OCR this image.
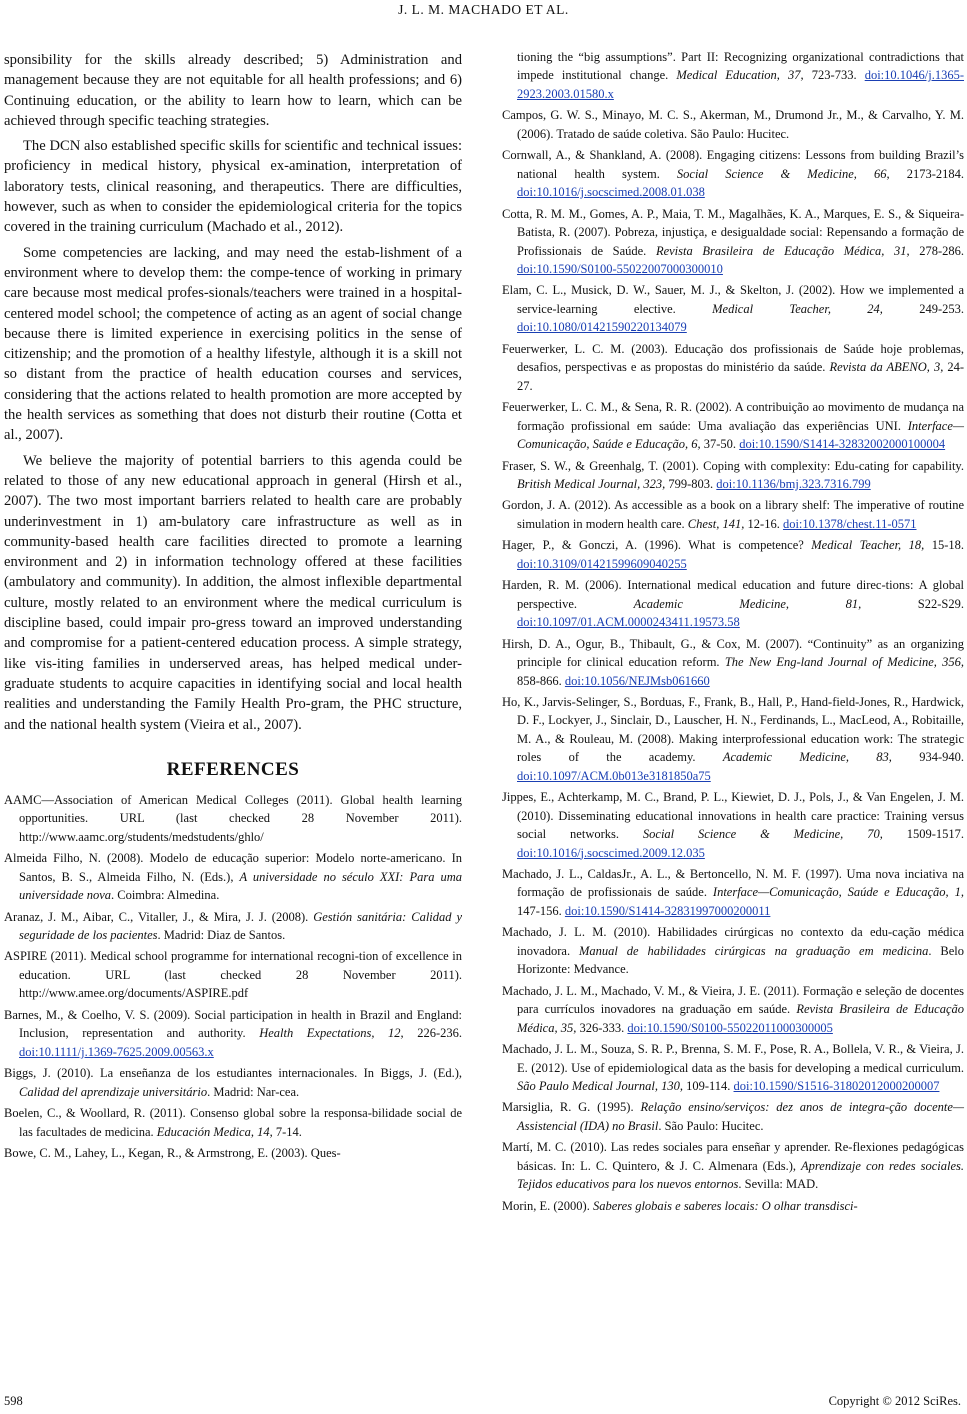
J. L. M. MACHADO ET AL.

sponsibility for the skills already described; 5) Administration and management because they are not equitable for all health professions; and 6) Continuing education, or the ability to learn how to learn, which can be achieved through specific teaching strategies.

The DCN also established specific skills for scientific and technical issues: proficiency in medical history, physical ex-amination, interpretation of laboratory tests, clinical reasoning, and therapeutics. There are difficulties, however, such as when to consider the epidemiological criteria for the topics covered in the training curriculum (Machado et al., 2012).

Some competencies are lacking, and may need the estab-lishment of a environment where to develop them: the compe-tence of working in primary care because most medical profes-sionals/teachers were trained in a hospital-centered model school; the competence of acting as an agent of social change because there is limited experience in exercising politics in the sense of citizenship; and the promotion of a healthy lifestyle, although it is a skill not so distant from the practice of health education courses and services, considering that the actions related to health promotion are more accepted by the health services as something that does not disturb their routine (Cotta et al., 2007).

We believe the majority of potential barriers to this agenda could be related to those of any new educational approach in general (Hirsh et al., 2007). The two most important barriers related to health care are probably underinvestment in 1) am-bulatory care infrastructure as well as in community-based health care facilities directed to promote a learning environment and 2) in information technology offered at these facilities (ambulatory and community). In addition, the almost inflexible departmental culture, mostly related to an environment where the medical curriculum is discipline based, could impair pro-gress toward an improved understanding and compromise for a patient-centered education process. A simple strategy, like vis-iting families in underserved areas, has helped medical under-graduate students to acquire capacities in identifying social and local health realities and understanding the Family Health Pro-gram, the PHC structure, and the national health system (Vieira et al., 2007).

REFERENCES
AAMC—Association of American Medical Colleges (2011). Global health learning opportunities. URL (last checked 28 November 2011). http://www.aamc.org/students/medstudents/ghlo/
Almeida Filho, N. (2008). Modelo de educação superior: Modelo norte-americano. In Santos, B. S., Almeida Filho, N. (Eds.), A universidade no século XXI: Para uma universidade nova. Coimbra: Almedina.
Aranaz, J. M., Aibar, C., Vitaller, J., & Mira, J. J. (2008). Gestión sanitária: Calidad y seguridade de los pacientes. Madrid: Diaz de Santos.
ASPIRE (2011). Medical school programme for international recogni-tion of excellence in education. URL (last checked 28 November 2011). http://www.amee.org/documents/ASPIRE.pdf
Barnes, M., & Coelho, V. S. (2009). Social participation in health in Brazil and England: Inclusion, representation and authority. Health Expectations, 12, 226-236. doi:10.1111/j.1369-7625.2009.00563.x
Biggs, J. (2010). La enseñanza de los estudiantes internacionales. In Biggs, J. (Ed.), Calidad del aprendizaje universitário. Madrid: Nar-cea.
Boelen, C., & Woollard, R. (2011). Consenso global sobre la responsa-bilidade social de las facultades de medicina. Educación Medica, 14, 7-14.
Bowe, C. M., Lahey, L., Kegan, R., & Armstrong, E. (2003). Ques-
tioning the “big assumptions”. Part II: Recognizing organizational contradictions that impede institutional change. Medical Education, 37, 723-733. doi:10.1046/j.1365-2923.2003.01580.x
Campos, G. W. S., Minayo, M. C. S., Akerman, M., Drumond Jr., M., & Carvalho, Y. M. (2006). Tratado de saúde coletiva. São Paulo: Hucitec.
Cornwall, A., & Shankland, A. (2008). Engaging citizens: Lessons from building Brazil’s national health system. Social Science & Medicine, 66, 2173-2184. doi:10.1016/j.socscimed.2008.01.038
Cotta, R. M. M., Gomes, A. P., Maia, T. M., Magalhães, K. A., Marques, E. S., & Siqueira-Batista, R. (2007). Pobreza, injustiça, e desigualdade social: Repensando a formação de Profissionais de Saúde. Revista Brasileira de Educação Médica, 31, 278-286. doi:10.1590/S0100-55022007000300010
Elam, C. L., Musick, D. W., Sauer, M. J., & Skelton, J. (2002). How we implemented a service-learning elective. Medical Teacher, 24, 249-253. doi:10.1080/01421590220134079
Feuerwerker, L. C. M. (2003). Educação dos profissionais de Saúde hoje problemas, desafios, perspectivas e as propostas do ministério da saúde. Revista da ABENO, 3, 24-27.
Feuerwerker, L. C. M., & Sena, R. R. (2002). A contribuição ao movimento de mudança na formação profissional em saúde: Uma avaliação das experiências UNI. Interface—Comunicação, Saúde e Educação, 6, 37-50. doi:10.1590/S1414-32832002000100004
Fraser, S. W., & Greenhalg, T. (2001). Coping with complexity: Edu-cating for capability. British Medical Journal, 323, 799-803. doi:10.1136/bmj.323.7316.799
Gordon, J. A. (2012). As accessible as a book on a library shelf: The imperative of routine simulation in modern health care. Chest, 141, 12-16. doi:10.1378/chest.11-0571
Hager, P., & Gonczi, A. (1996). What is competence? Medical Teacher, 18, 15-18. doi:10.3109/01421599609040255
Harden, R. M. (2006). International medical education and future direc-tions: A global perspective. Academic Medicine, 81, S22-S29. doi:10.1097/01.ACM.0000243411.19573.58
Hirsh, D. A., Ogur, B., Thibault, G., & Cox, M. (2007). “Continuity” as an organizing principle for clinical education reform. The New Eng-land Journal of Medicine, 356, 858-866. doi:10.1056/NEJMsb061660
Ho, K., Jarvis-Selinger, S., Borduas, F., Frank, B., Hall, P., Hand-field-Jones, R., Hardwick, D. F., Lockyer, J., Sinclair, D., Lauscher, H. N., Ferdinands, L., MacLeod, A., Robitaille, M. A., & Rouleau, M. (2008). Making interprofessional education work: The strategic roles of the academy. Academic Medicine, 83, 934-940. doi:10.1097/ACM.0b013e3181850a75
Jippes, E., Achterkamp, M. C., Brand, P. L., Kiewiet, D. J., Pols, J., & Van Engelen, J. M. (2010). Disseminating educational innovations in health care practice: Training versus social networks. Social Science & Medicine, 70, 1509-1517. doi:10.1016/j.socscimed.2009.12.035
Machado, J. L., CaldasJr., A. L., & Bertoncello, N. M. F. (1997). Uma nova inciativa na formação de profissionais de saúde. Interface—Comunicação, Saúde e Educação, 1, 147-156. doi:10.1590/S1414-32831997000200011
Machado, J. L. M. (2010). Habilidades cirúrgicas no contexto da edu-cação médica inovadora. Manual de habilidades cirúrgicas na graduação em medicina. Belo Horizonte: Medvance.
Machado, J. L. M., Machado, V. M., & Vieira, J. E. (2011). Formação e seleção de docentes para currículos inovadores na graduação em saúde. Revista Brasileira de Educação Médica, 35, 326-333. doi:10.1590/S0100-55022011000300005
Machado, J. L. M., Souza, S. R. P., Brenna, S. M. F., Pose, R. A., Bollela, V. R., & Vieira, J. E. (2012). Use of epidemiological data as the basis for developing a medical curriculum. São Paulo Medical Journal, 130, 109-114. doi:10.1590/S1516-31802012000200007
Marsiglia, R. G. (1995). Relação ensino/serviços: dez anos de integra-ção docente—Assistencial (IDA) no Brasil. São Paulo: Hucitec.
Martí, M. C. (2010). Las redes sociales para enseñar y aprender. Re-flexiones pedagógicas básicas. In: L. C. Quintero, & J. C. Almenara (Eds.), Aprendizaje con redes sociales. Tejidos educativos para los nuevos entornos. Sevilla: MAD.
Morin, E. (2000). Saberes globais e saberes locais: O olhar transdisci-
598	Copyright © 2012 SciRes.
